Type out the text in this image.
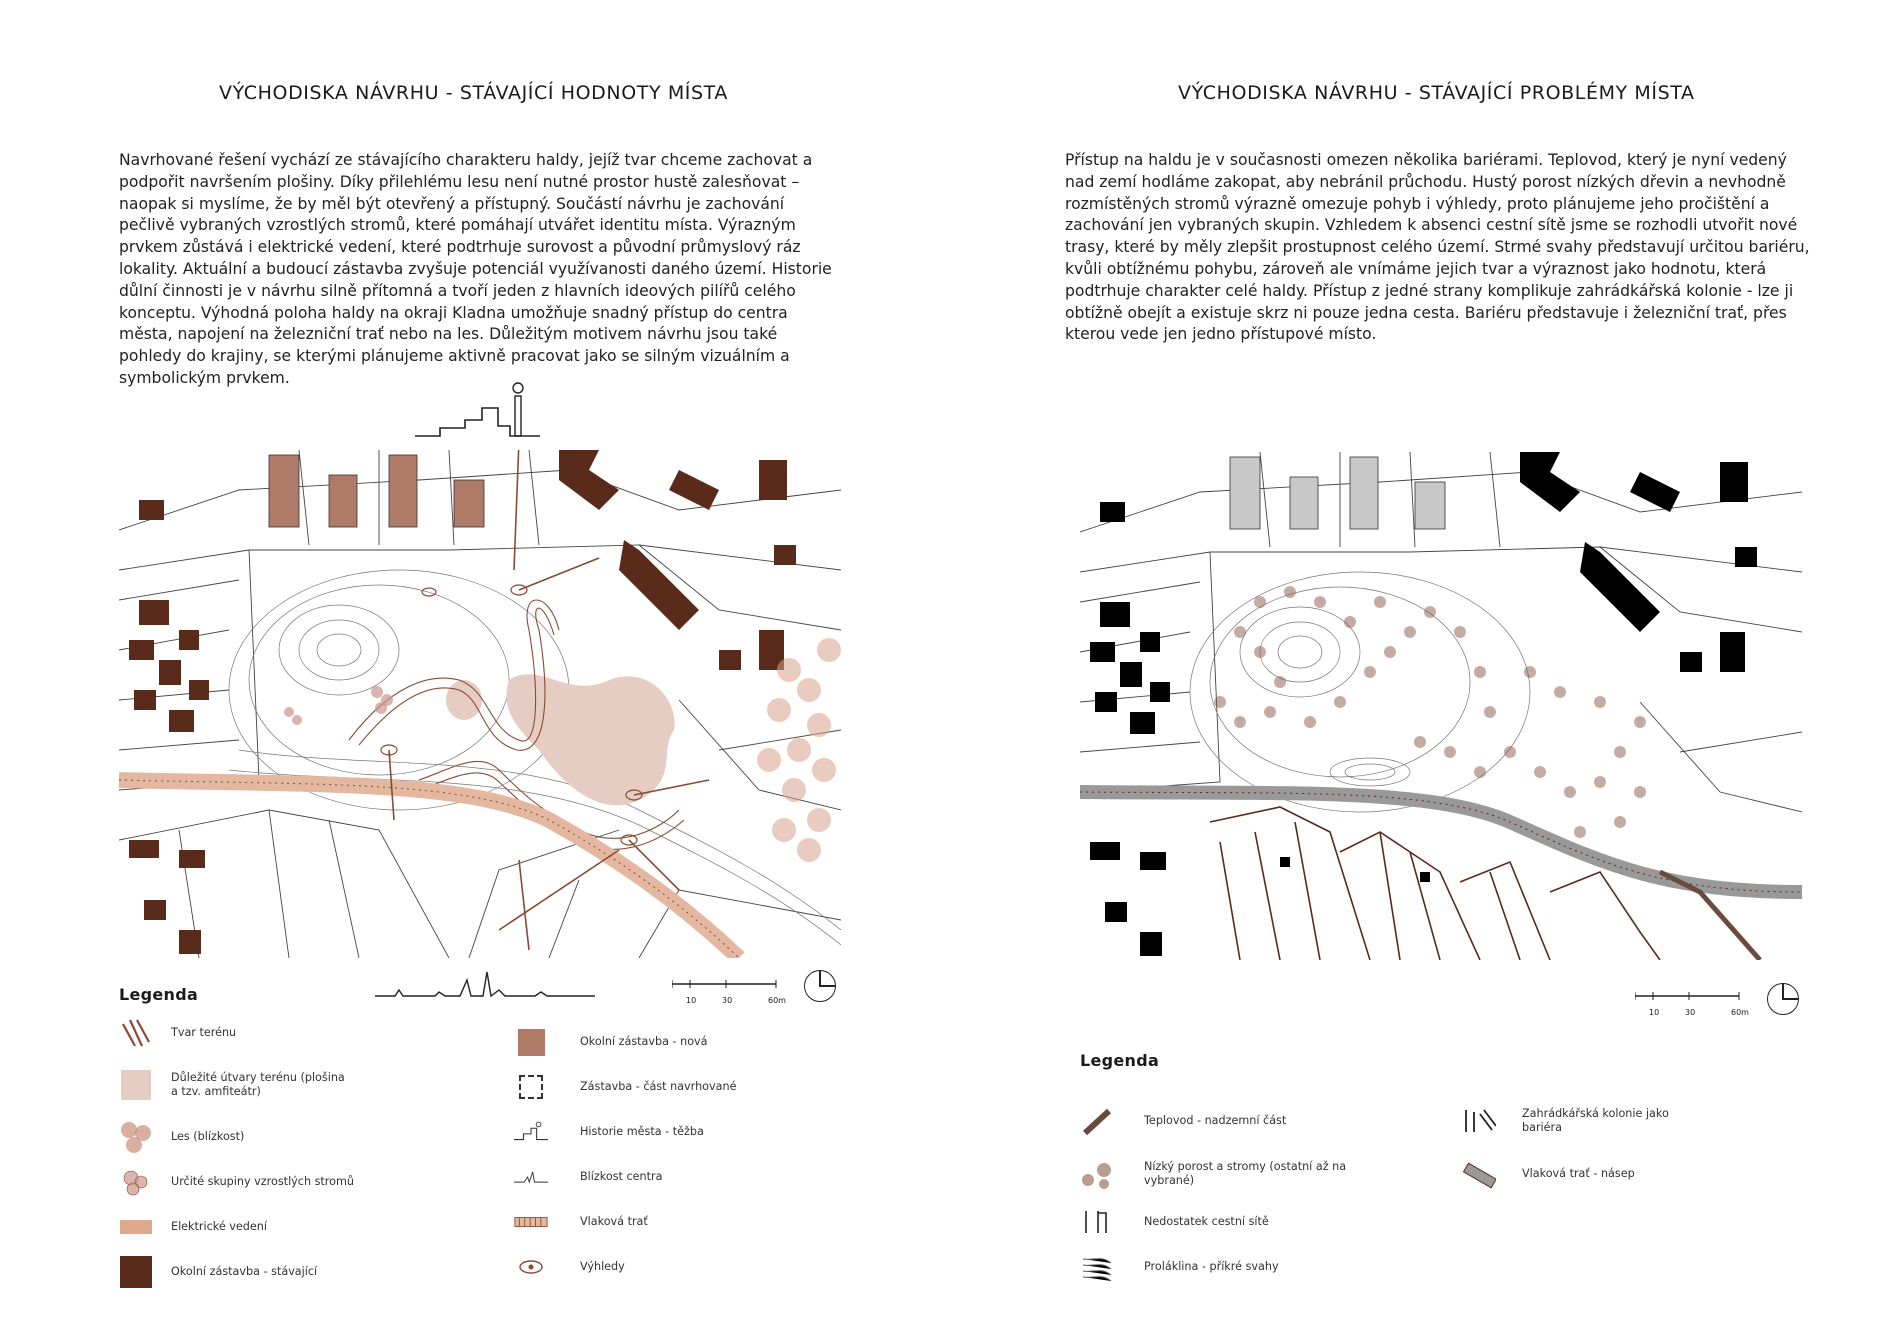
VÝCHODISKA NÁVRHU - STÁVAJÍCÍ HODNOTY MÍSTA
Navrhované řešení vychází ze stávajícího charakteru haldy, jejíž tvar chceme zachovat a podpořit navršením plošiny. Díky přilehlému lesu není nutné prostor hustě zalesňovat – naopak si myslíme, že by měl být otevřený a přístupný. Součástí návrhu je zachování pečlivě vybraných vzrostlých stromů, které pomáhají utvářet identitu místa. Výrazným prvkem zůstává i elektrické vedení, které podtrhuje surovost a původní průmyslový ráz lokality. Aktuální a budoucí zástavba zvyšuje potenciál využívanosti daného území. Historie důlní činnosti je v návrhu silně přítomná a tvoří jeden z hlavních ideových pilířů celého konceptu. Výhodná poloha haldy na okraji Kladna umožňuje snadný přístup do centra města, napojení na železniční trať nebo na les. Důležitým motivem návrhu jsou také pohledy do krajiny, se kterými plánujeme aktivně pracovat jako se silným vizuálním a symbolickým prvkem.
Legenda	10	30	60m
Tvar terénu
Důležité útvary terénu (plošina a tzv. amfiteátr)
Les (blízkost)
Určité skupiny vzrostlých stromů
Elektrické vedení
Okolní zástavba - stávající
Okolní zástavba - nová
Zástavba - část navrhované
Historie města - těžba
Blízkost centra
Vlaková trať
Výhledy
VÝCHODISKA NÁVRHU - STÁVAJÍCÍ PROBLÉMY MÍSTA
Přístup na haldu je v současnosti omezen několika bariérami. Teplovod, který je nyní vedený nad zemí hodláme zakopat, aby nebránil průchodu. Hustý porost nízkých dřevin a nevhodně rozmístěných stromů výrazně omezuje pohyb i výhledy, proto plánujeme jeho pročištění a zachování jen vybraných skupin. Vzhledem k absenci cestní sítě jsme se rozhodli utvořit nové trasy, které by měly zlepšit prostupnost celého území. Strmé svahy představují určitou bariéru, kvůli obtížnému pohybu, zároveň ale vnímáme jejich tvar a výraznost jako hodnotu, která podtrhuje charakter celé haldy. Přístup z jedné strany komplikuje zahrádkářská kolonie - lze ji obtížně obejít a existuje skrz ni pouze jedna cesta. Bariéru představuje i železniční trať, přes kterou vede jen jedno přístupové místo.
10	30	60m
Legenda
Teplovod - nadzemní část
Nízký porost a stromy (ostatní až na vybrané)
Nedostatek cestní sítě
Proláklina - příkré svahy
Zahrádkářská kolonie jako bariéra
Vlaková trať - násep
